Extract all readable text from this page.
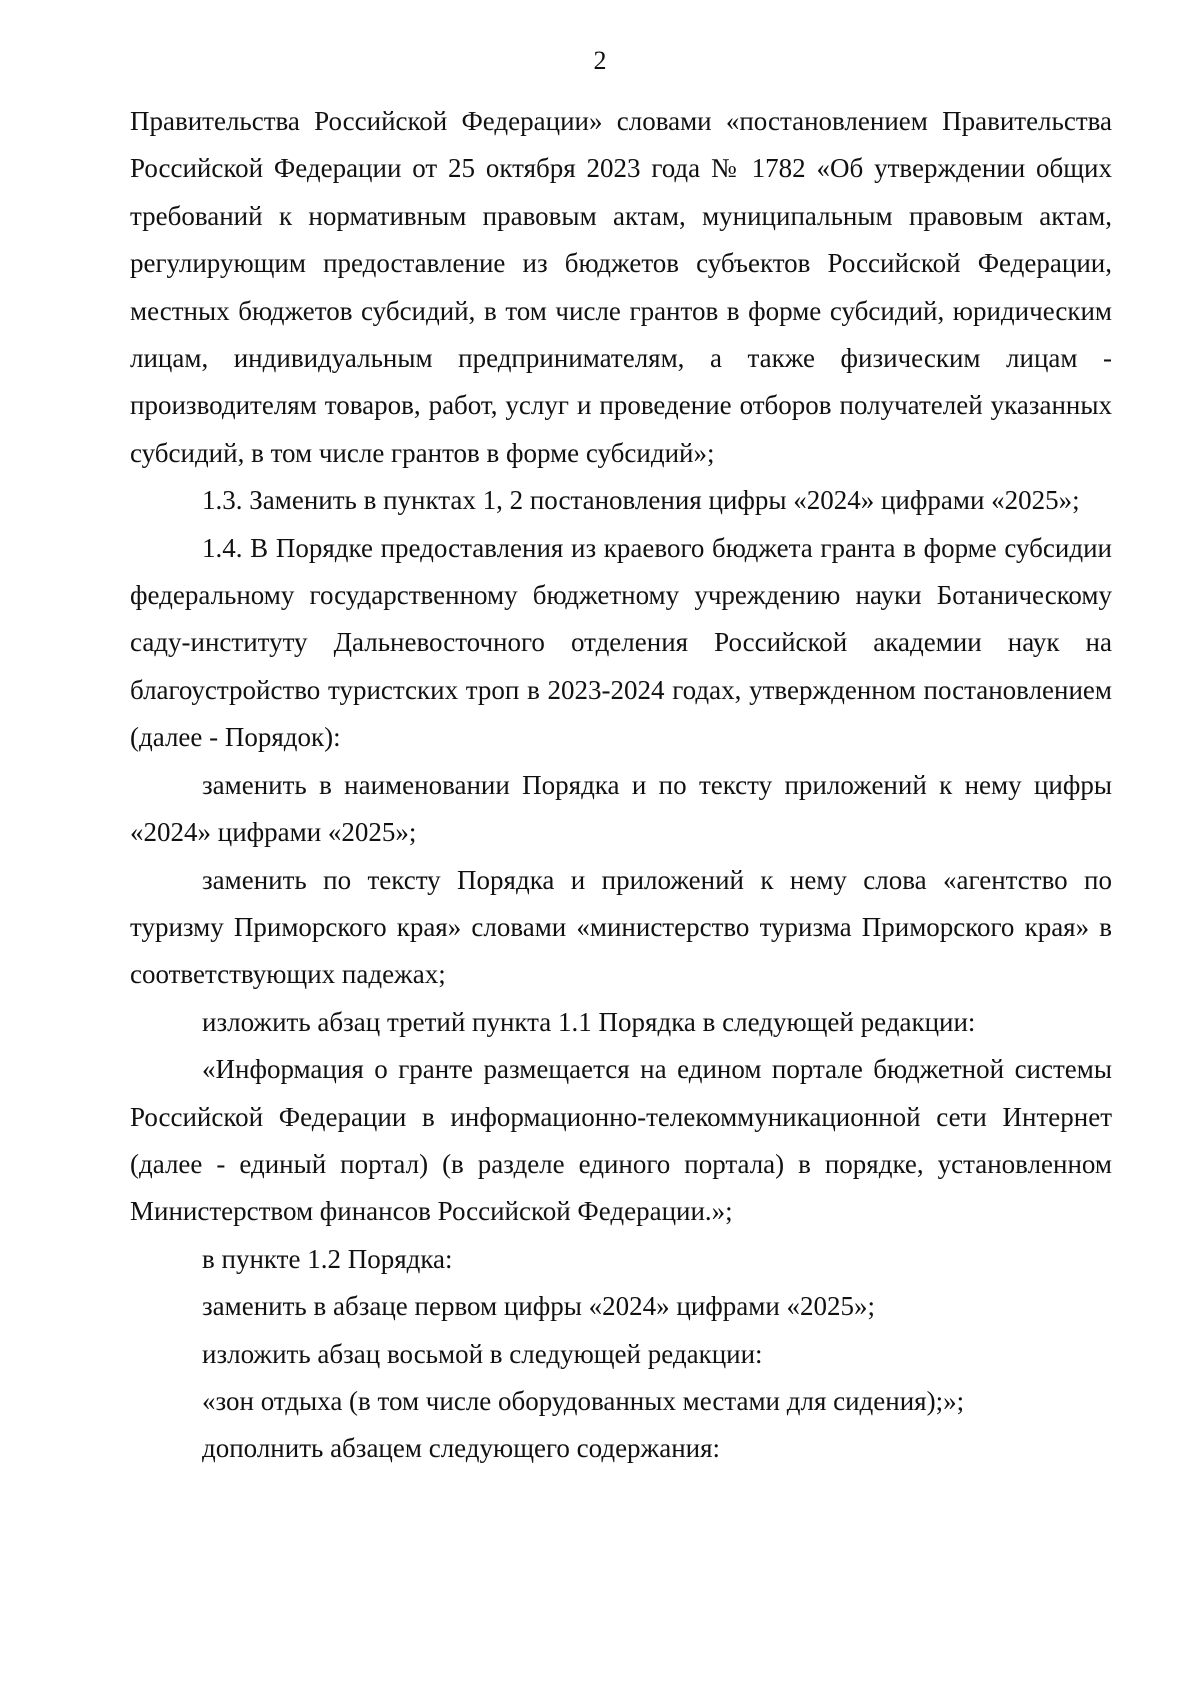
2

Правительства Российской Федерации» словами «постановлением Правительства Российской Федерации от 25 октября 2023 года № 1782 «Об утверждении общих требований к нормативным правовым актам, муниципальным правовым актам, регулирующим предоставление из бюджетов субъектов Российской Федерации, местных бюджетов субсидий, в том числе грантов в форме субсидий, юридическим лицам, индивидуальным предпринимателям, а также физическим лицам - производителям товаров, работ, услуг и проведение отборов получателей указанных субсидий, в том числе грантов в форме субсидий»;

1.3. Заменить в пунктах 1, 2 постановления цифры «2024» цифрами «2025»;

1.4. В Порядке предоставления из краевого бюджета гранта в форме субсидии федеральному государственному бюджетному учреждению науки Ботаническому саду-институту Дальневосточного отделения Российской академии наук на благоустройство туристских троп в 2023-2024 годах, утвержденном постановлением (далее - Порядок):

заменить в наименовании Порядка и по тексту приложений к нему цифры «2024» цифрами «2025»;

заменить по тексту Порядка и приложений к нему слова «агентство по туризму Приморского края» словами «министерство туризма Приморского края» в соответствующих падежах;

изложить абзац третий пункта 1.1 Порядка в следующей редакции:

«Информация о гранте размещается на едином портале бюджетной системы Российской Федерации в информационно-телекоммуникационной сети Интернет (далее - единый портал) (в разделе единого портала) в порядке, установленном Министерством финансов Российской Федерации.»;

в пункте 1.2 Порядка:

заменить в абзаце первом цифры «2024» цифрами «2025»;

изложить абзац восьмой в следующей редакции:

«зон отдыха (в том числе оборудованных местами для сидения);»;

дополнить абзацем следующего содержания:
